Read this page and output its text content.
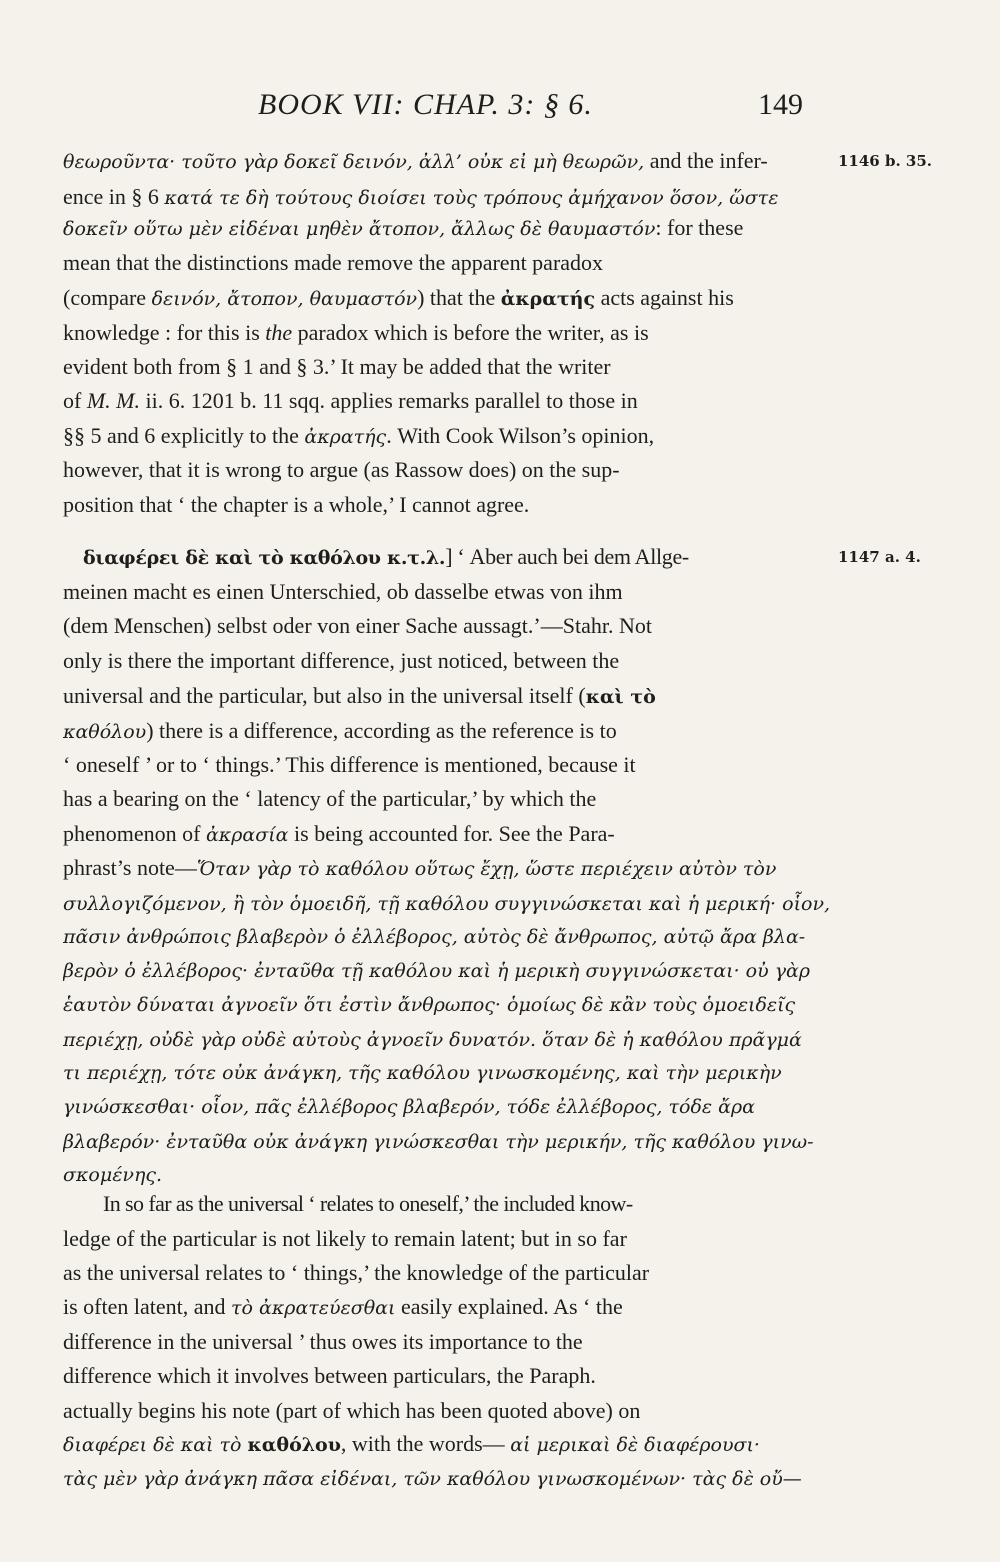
BOOK VII: CHAP. 3: § 6.	149
θεωροῦντα· τοῦτο γὰρ δοκεῖ δεινόν, ἀλλ’ οὐκ εἰ μὴ θεωρῶν, and the infer-
ence in § 6 κατά τε δὴ τούτους διοίσει τοὺς τρόπους ἀμήχανον ὅσον, ὥστε
δοκεῖν οὕτω μὲν εἰδέναι μηθὲν ἄτοπον, ἄλλως δὲ θαυμαστόν: for these
mean that the distinctions made remove the apparent paradox
(compare δεινόν, ἄτοπον, θαυμαστόν) that the ἀκρατής acts against his
knowledge : for this is the paradox which is before the writer, as is
evident both from § 1 and § 3.’ It may be added that the writer
of M. M. ii. 6. 1201 b. 11 sqq. applies remarks parallel to those in
§§ 5 and 6 explicitly to the ἀκρατής. With Cook Wilson’s opinion,
however, that it is wrong to argue (as Rassow does) on the sup-
position that ‘ the chapter is a whole,’ I cannot agree.
διαφέρει δὲ καὶ τὸ καθόλου κ.τ.λ.] ‘ Aber auch bei dem Allge-
meinen macht es einen Unterschied, ob dasselbe etwas von ihm
(dem Menschen) selbst oder von einer Sache aussagt.’—Stahr. Not
only is there the important difference, just noticed, between the
universal and the particular, but also in the universal itself (καὶ τὸ
καθόλου) there is a difference, according as the reference is to
‘ oneself ’ or to ‘ things.’ This difference is mentioned, because it
has a bearing on the ‘ latency of the particular,’ by which the
phenomenon of ἀκρασία is being accounted for. See the Para-
phrast’s note—Ὅταν γὰρ τὸ καθόλου οὕτως ἔχῃ, ὥστε περιέχειν αὐτὸν τὸν
συλλογιζόμενον, ἢ τὸν ὁμοειδῆ, τῇ καθόλου συγγινώσκεται καὶ ἡ μερική· οἷον,
πᾶσιν ἀνθρώποις βλαβερὸν ὁ ἐλλέβορος, αὐτὸς δὲ ἄνθρωπος, αὐτῷ ἄρα βλα-
βερὸν ὁ ἐλλέβορος· ἐνταῦθα τῇ καθόλου καὶ ἡ μερικὴ συγγινώσκεται· οὐ γὰρ
ἑαυτὸν δύναται ἀγνοεῖν ὅτι ἐστὶν ἄνθρωπος· ὁμοίως δὲ κἂν τοὺς ὁμοειδεῖς
περιέχῃ, οὐδὲ γὰρ οὐδὲ αὐτοὺς ἀγνοεῖν δυνατόν. ὅταν δὲ ἡ καθόλου πρᾶγμά
τι περιέχῃ, τότε οὐκ ἀνάγκη, τῆς καθόλου γινωσκομένης, καὶ τὴν μερικὴν
γινώσκεσθαι· οἷον, πᾶς ἐλλέβορος βλαβερόν, τόδε ἐλλέβορος, τόδε ἄρα
βλαβερόν· ἐνταῦθα οὐκ ἀνάγκη γινώσκεσθαι τὴν μερικήν, τῆς καθόλου γινω-
σκομένης.
In so far as the universal ‘ relates to oneself,’ the included know-
ledge of the particular is not likely to remain latent; but in so far
as the universal relates to ‘ things,’ the knowledge of the particular
is often latent, and τὸ ἀκρατεύεσθαι easily explained. As ‘ the
difference in the universal ’ thus owes its importance to the
difference which it involves between particulars, the Paraph.
actually begins his note (part of which has been quoted above) on
διαφέρει δὲ καὶ τὸ καθόλου, with the words— αἱ μερικαὶ δὲ διαφέρουσι·
τὰς μὲν γὰρ ἀνάγκη πᾶσα εἰδέναι, τῶν καθόλου γινωσκομένων· τὰς δὲ οὔ—
1146 b. 35.
1147 a. 4.
